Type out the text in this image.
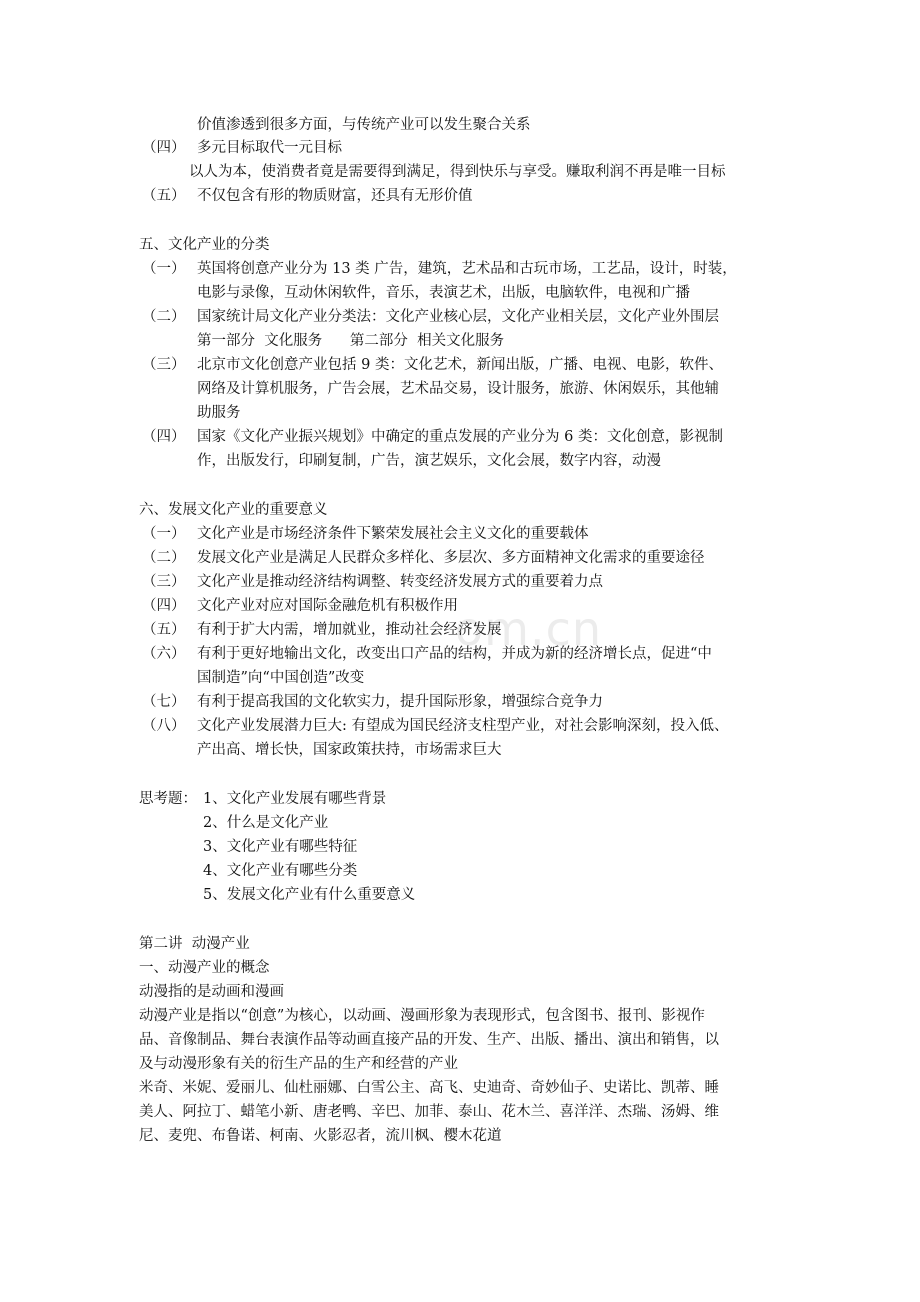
om.cn
价值渗透到很多方面，与传统产业可以发生聚合关系
（四） 多元目标取代一元目标
以人为本，使消费者竟是需要得到满足，得到快乐与享受。赚取利润不再是唯一目标
（五） 不仅包含有形的物质财富，还具有无形价值
五、文化产业的分类
（一） 英国将创意产业分为 13 类 广告，建筑，艺术品和古玩市场，工艺品，设计，时装，
电影与录像，互动休闲软件，音乐，表演艺术，出版，电脑软件，电视和广播
（二） 国家统计局文化产业分类法：文化产业核心层，文化产业相关层，文化产业外围层
第一部分  文化服务      第二部分  相关文化服务
（三） 北京市文化创意产业包括 9 类：文化艺术，新闻出版，广播、电视、电影，软件、
网络及计算机服务，广告会展，艺术品交易，设计服务，旅游、休闲娱乐，其他辅
助服务
（四） 国家《文化产业振兴规划》中确定的重点发展的产业分为 6 类：文化创意，影视制
作，出版发行，印刷复制，广告，演艺娱乐，文化会展，数字内容，动漫
六、发展文化产业的重要意义
（一） 文化产业是市场经济条件下繁荣发展社会主义文化的重要载体
（二） 发展文化产业是满足人民群众多样化、多层次、多方面精神文化需求的重要途径
（三） 文化产业是推动经济结构调整、转变经济发展方式的重要着力点
（四） 文化产业对应对国际金融危机有积极作用
（五） 有利于扩大内需，增加就业，推动社会经济发展
（六） 有利于更好地输出文化，改变出口产品的结构，并成为新的经济增长点，促进“中
国制造”向“中国创造”改变
（七） 有利于提高我国的文化软实力，提升国际形象，增强综合竞争力
（八） 文化产业发展潜力巨大: 有望成为国民经济支柱型产业，对社会影响深刻，投入低、
产出高、增长快，国家政策扶持，市场需求巨大
思考题： 1、文化产业发展有哪些背景
2、什么是文化产业
3、文化产业有哪些特征
4、文化产业有哪些分类
5、发展文化产业有什么重要意义
第二讲  动漫产业
一、动漫产业的概念
动漫指的是动画和漫画
动漫产业是指以“创意”为核心，以动画、漫画形象为表现形式，包含图书、报刊、影视作
品、音像制品、舞台表演作品等动画直接产品的开发、生产、出版、播出、演出和销售，以
及与动漫形象有关的衍生产品的生产和经营的产业
米奇、米妮、爱丽儿、仙杜丽娜、白雪公主、高飞、史迪奇、奇妙仙子、史诺比、凯蒂、睡
美人、阿拉丁、蜡笔小新、唐老鸭、辛巴、加菲、泰山、花木兰、喜洋洋、杰瑞、汤姆、维
尼、麦兜、布鲁诺、柯南、火影忍者，流川枫、樱木花道
